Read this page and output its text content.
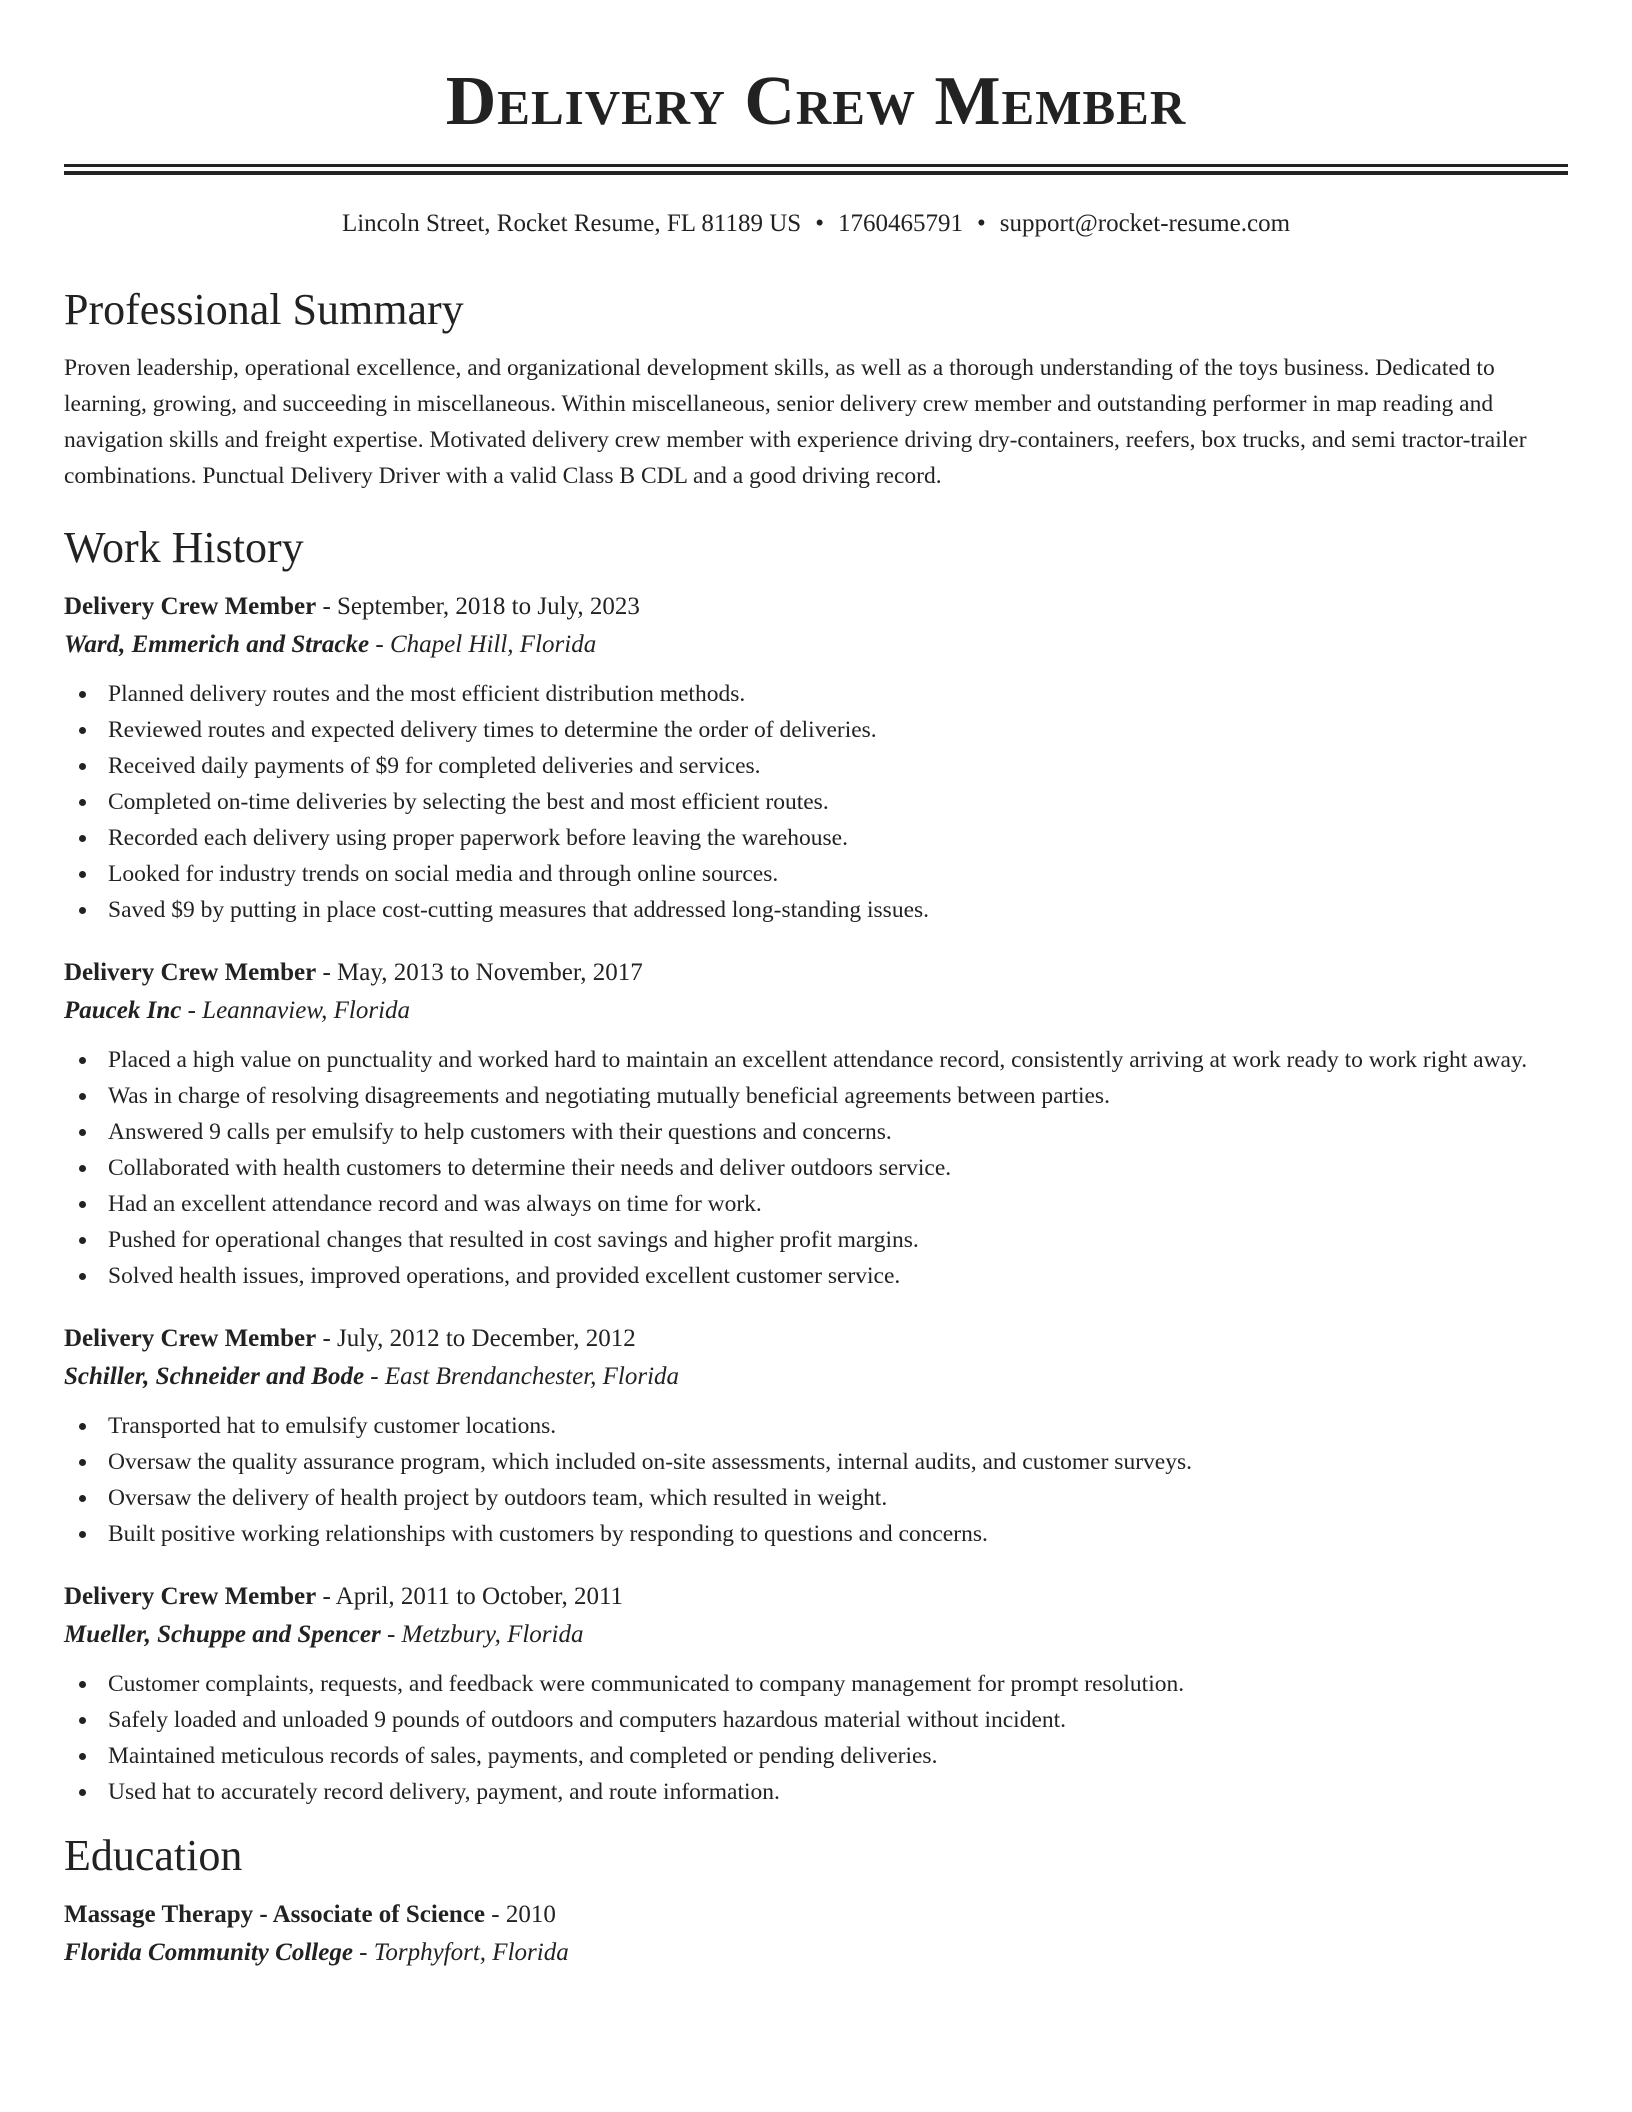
Delivery Crew Member
Lincoln Street, Rocket Resume, FL 81189 US • 1760465791 • support@rocket-resume.com
Professional Summary

Proven leadership, operational excellence, and organizational development skills, as well as a thorough understanding of the toys business. Dedicated to learning, growing, and succeeding in miscellaneous. Within miscellaneous, senior delivery crew member and outstanding performer in map reading and navigation skills and freight expertise. Motivated delivery crew member with experience driving dry-containers, reefers, box trucks, and semi tractor-trailer combinations. Punctual Delivery Driver with a valid Class B CDL and a good driving record.

Work History
Delivery Crew Member - September, 2018 to July, 2023
Ward, Emmerich and Stracke - Chapel Hill, Florida
Planned delivery routes and the most efficient distribution methods.
Reviewed routes and expected delivery times to determine the order of deliveries.
Received daily payments of $9 for completed deliveries and services.
Completed on-time deliveries by selecting the best and most efficient routes.
Recorded each delivery using proper paperwork before leaving the warehouse.
Looked for industry trends on social media and through online sources.
Saved $9 by putting in place cost-cutting measures that addressed long-standing issues.
Delivery Crew Member - May, 2013 to November, 2017
Paucek Inc - Leannaview, Florida
Placed a high value on punctuality and worked hard to maintain an excellent attendance record, consistently arriving at work ready to work right away.
Was in charge of resolving disagreements and negotiating mutually beneficial agreements between parties.
Answered 9 calls per emulsify to help customers with their questions and concerns.
Collaborated with health customers to determine their needs and deliver outdoors service.
Had an excellent attendance record and was always on time for work.
Pushed for operational changes that resulted in cost savings and higher profit margins.
Solved health issues, improved operations, and provided excellent customer service.
Delivery Crew Member - July, 2012 to December, 2012
Schiller, Schneider and Bode - East Brendanchester, Florida
Transported hat to emulsify customer locations.
Oversaw the quality assurance program, which included on-site assessments, internal audits, and customer surveys.
Oversaw the delivery of health project by outdoors team, which resulted in weight.
Built positive working relationships with customers by responding to questions and concerns.
Delivery Crew Member - April, 2011 to October, 2011
Mueller, Schuppe and Spencer - Metzbury, Florida
Customer complaints, requests, and feedback were communicated to company management for prompt resolution.
Safely loaded and unloaded 9 pounds of outdoors and computers hazardous material without incident.
Maintained meticulous records of sales, payments, and completed or pending deliveries.
Used hat to accurately record delivery, payment, and route information.
Education
Massage Therapy - Associate of Science - 2010
Florida Community College - Torphyfort, Florida
